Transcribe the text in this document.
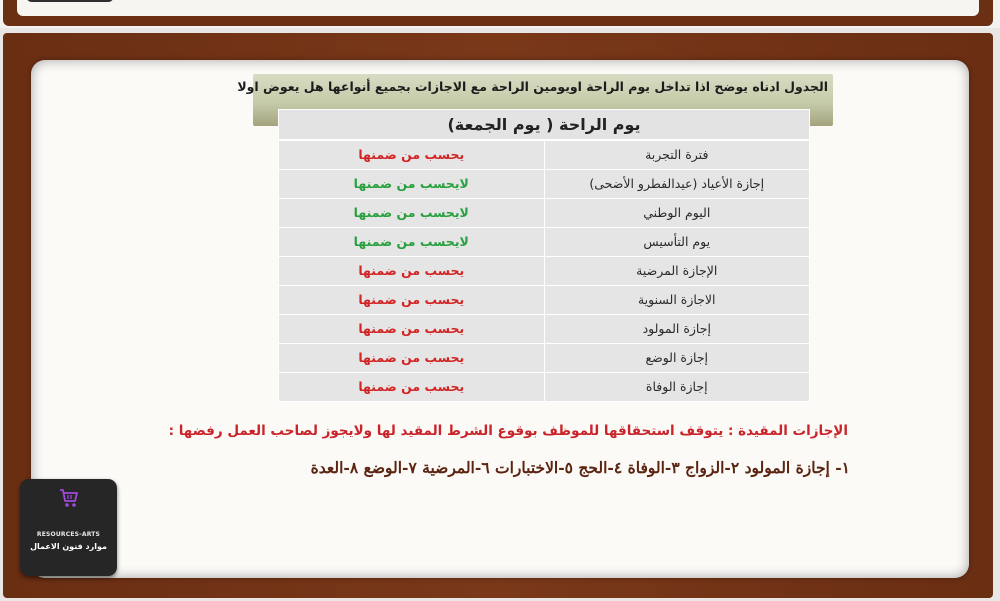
الجدول ادناه يوضح اذا تداخل يوم الراحة اويومين الراحة مع الاجازات بجميع أنواعها هل يعوض اولا
يوم الراحة ( يوم الجمعة)	
فترة التجربة	يحسب من ضمنها
إجازة الأعياد (عيدالفطرو الأضحى)	لايحسب من ضمنها
اليوم الوطني	لايحسب من ضمنها
يوم التأسيس	لايحسب من ضمنها
الإجازة المرضية	يحسب من ضمنها
الاجازة السنوية	يحسب من ضمنها
إجازة المولود	يحسب من ضمنها
إجازة الوضع	يحسب من ضمنها
إجازة الوفاة	يحسب من ضمنها
الإجازات المقيدة : يتوقف استحقاقها للموظف بوقوع الشرط المقيد لها ولايجوز لصاحب العمل رفضها :
١- إجازة المولود ٢-الزواج ٣-الوفاة ٤-الحج ٥-الاختبارات ٦-المرضية ٧-الوضع ٨-العدة
RESOURCES-ARTS
موارد فنون الاعمال
